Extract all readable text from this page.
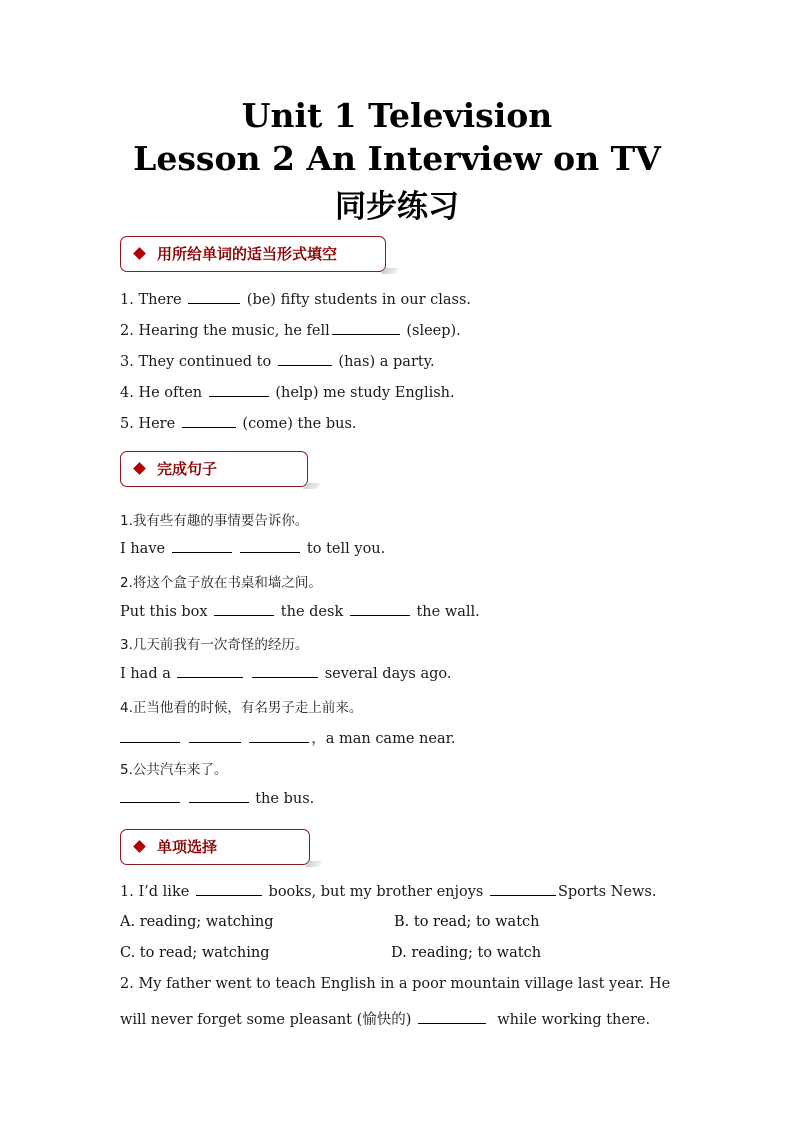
Unit 1 Television
Lesson 2 An Interview on TV
同步练习
用所给单词的适当形式填空
1. There	(be) fifty students in our class.
2. Hearing the music, he fell	(sleep).
3. They continued to	(has) a party.
4. He often	(help) me study English.
5. Here	(come) the bus.
完成句子
1.我有些有趣的事情要告诉你。
I have	to tell you.
2.将这个盒子放在书桌和墙之间。
Put this box	the desk	the wall.
3.几天前我有一次奇怪的经历。
I had a	several days ago.
4.正当他看的时候，有名男子走上前来。
，a man came near.
5.公共汽车来了。
the bus.
单项选择
1. I’d like	books, but my brother enjoys	Sports News.
A. reading; watching	B. to read; to watch
C. to read; watching	D. reading; to watch
2. My father went to teach English in a poor mountain village last year. He
will never forget some pleasant (愉快的)	while working there.
